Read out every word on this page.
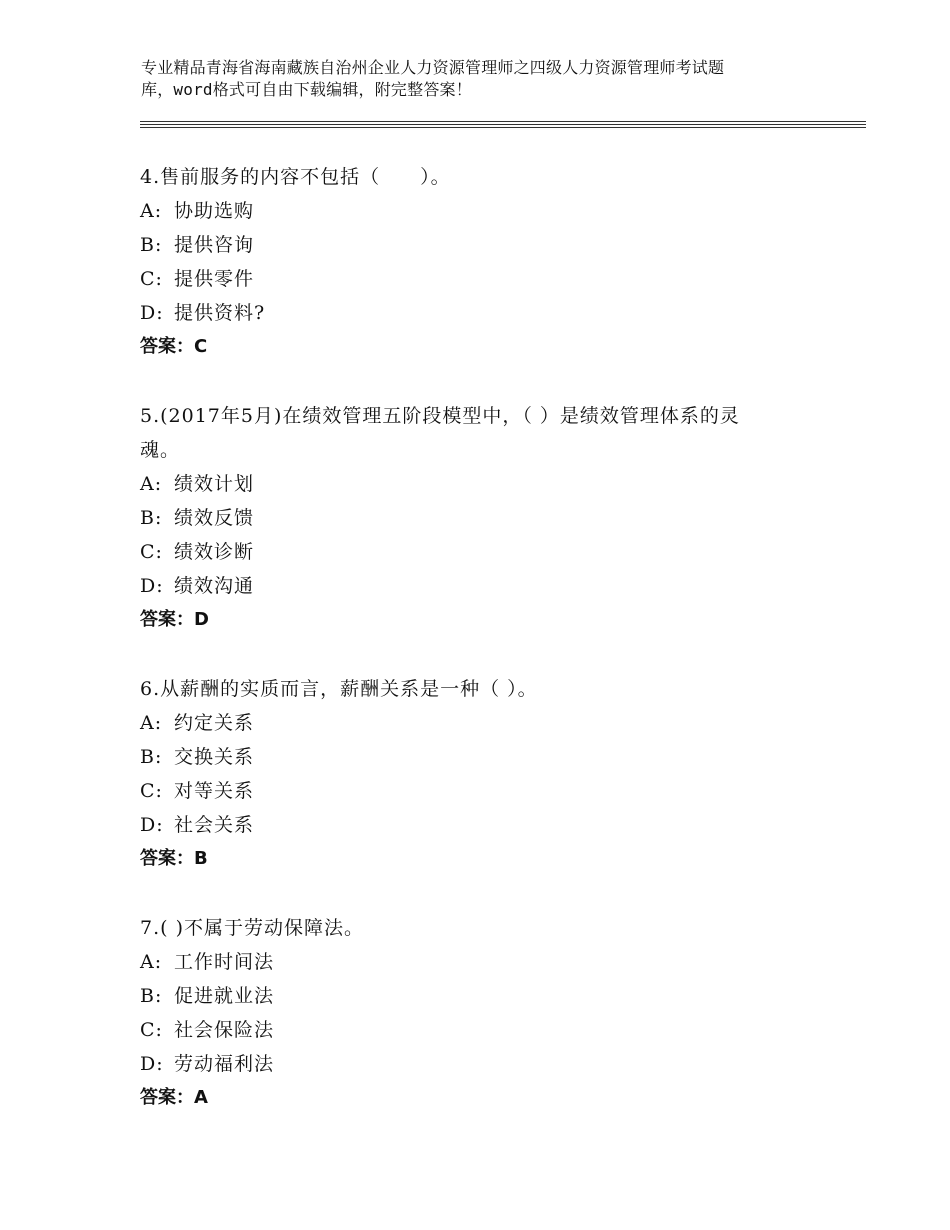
专业精品青海省海南藏族自治州企业人力资源管理师之四级人力资源管理师考试题
库，word格式可自由下载编辑，附完整答案！

4.售前服务的内容不包括（　　）。

A: 协助选购

B: 提供咨询

C: 提供零件

D: 提供资料?

答案：C

5.(2017年5月)在绩效管理五阶段模型中，（ ）是绩效管理体系的灵

魂。

A: 绩效计划

B: 绩效反馈

C: 绩效诊断

D: 绩效沟通

答案：D

6.从薪酬的实质而言，薪酬关系是一种（ ）。

A: 约定关系

B: 交换关系

C: 对等关系

D: 社会关系

答案：B

7.( )不属于劳动保障法。

A: 工作时间法

B: 促进就业法

C: 社会保险法

D: 劳动福利法

答案：A
